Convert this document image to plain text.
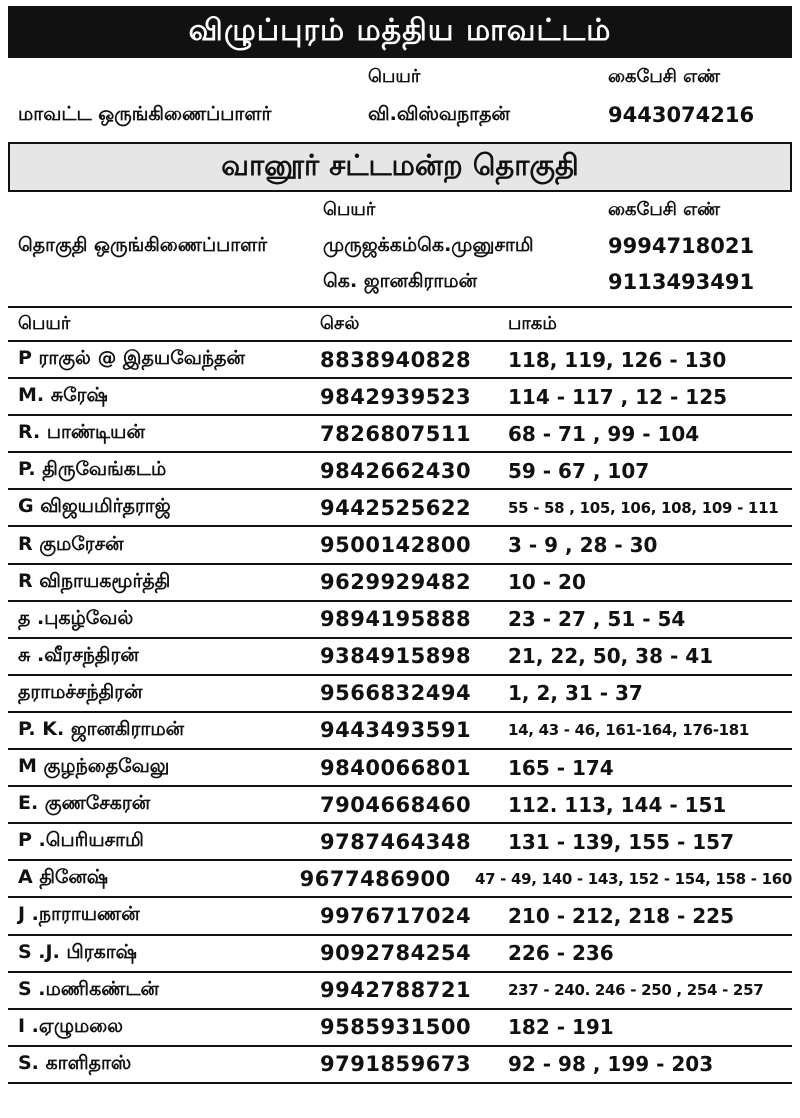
விழுப்புரம் மத்திய மாவட்டம்
பெயர்	கைபேசி எண்
மாவட்ட ஒருங்கிணைப்பாளர்	வி.விஸ்வநாதன்	9443074216
வானூர் சட்டமன்ற தொகுதி
பெயர்	கைபேசி எண்
தொகுதி ஒருங்கிணைப்பாளர்	முருஜக்கம்கெ.முனுசாமி	9994718021
கெ. ஜானகிராமன்	9113493491
பெயர்	செல்	பாகம்
P ராகுல் @ இதயவேந்தன்	8838940828	118, 119, 126 - 130
M. சுரேஷ்	9842939523	114 - 117 , 12 - 125
R. பாண்டியன்	7826807511	68 - 71 , 99 - 104
P. திருவேங்கடம்	9842662430	59 - 67 , 107
G விஜயமிர்தராஜ்	9442525622	55 - 58 , 105, 106, 108, 109 - 111
R குமரேசன்	9500142800	3 - 9 , 28 - 30
R விநாயகமூர்த்தி	9629929482	10 - 20
த .புகழ்வேல்	9894195888	23 - 27 , 51 - 54
சு .வீரசந்திரன்	9384915898	21, 22, 50, 38 - 41
தராமச்சந்திரன்	9566832494	1, 2, 31 - 37
P. K. ஜானகிராமன்	9443493591	14, 43 - 46, 161-164, 176-181
M குழந்தைவேலு	9840066801	165 - 174
E. குணசேகரன்	7904668460	112. 113, 144 - 151
P .பெரியசாமி	9787464348	131 - 139, 155 - 157
A தினேஷ்	9677486900	47 - 49, 140 - 143, 152 - 154, 158 - 160
J .நாராயணன்	9976717024	210 - 212, 218 - 225
S .J. பிரகாஷ்	9092784254	226 - 236
S .மணிகண்டன்	9942788721	237 - 240. 246 - 250 , 254 - 257
I .ஏழுமலை	9585931500	182 - 191
S. காளிதாஸ்	9791859673	92 - 98 , 199 - 203
